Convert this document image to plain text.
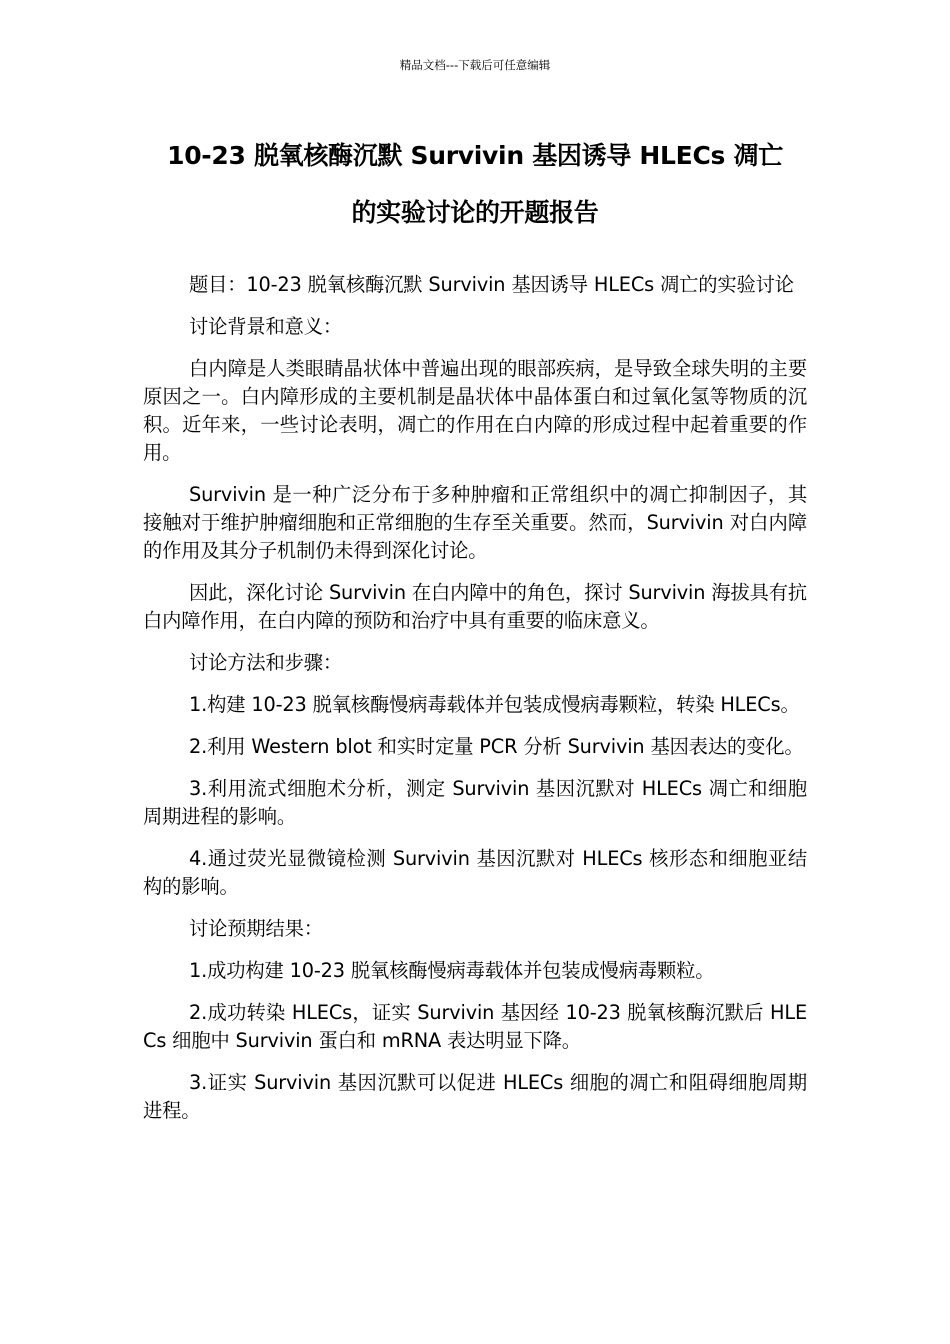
精品文档---下载后可任意编辑
10-23 脱氧核酶沉默 Survivin 基因诱导 HLECs 凋亡
的实验讨论的开题报告

题目：10-23 脱氧核酶沉默 Survivin 基因诱导 HLECs 凋亡的实验讨论

讨论背景和意义：

白内障是人类眼睛晶状体中普遍出现的眼部疾病，是导致全球失明的主要原因之一。白内障形成的主要机制是晶状体中晶体蛋白和过氧化氢等物质的沉积。近年来，一些讨论表明，凋亡的作用在白内障的形成过程中起着重要的作用。

Survivin 是一种广泛分布于多种肿瘤和正常组织中的凋亡抑制因子，其接触对于维护肿瘤细胞和正常细胞的生存至关重要。然而，Survivin 对白内障的作用及其分子机制仍未得到深化讨论。

因此，深化讨论 Survivin 在白内障中的角色，探讨 Survivin 海拔具有抗白内障作用，在白内障的预防和治疗中具有重要的临床意义。

讨论方法和步骤：

1.构建 10-23 脱氧核酶慢病毒载体并包装成慢病毒颗粒，转染 HLECs。

2.利用 Western blot 和实时定量 PCR 分析 Survivin 基因表达的变化。

3.利用流式细胞术分析，测定 Survivin 基因沉默对 HLECs 凋亡和细胞周期进程的影响。

4.通过荧光显微镜检测 Survivin 基因沉默对 HLECs 核形态和细胞亚结构的影响。

讨论预期结果：

1.成功构建 10-23 脱氧核酶慢病毒载体并包装成慢病毒颗粒。

2.成功转染 HLECs，证实 Survivin 基因经 10-23 脱氧核酶沉默后 HLECs 细胞中 Survivin 蛋白和 mRNA 表达明显下降。

3.证实 Survivin 基因沉默可以促进 HLECs 细胞的凋亡和阻碍细胞周期进程。
